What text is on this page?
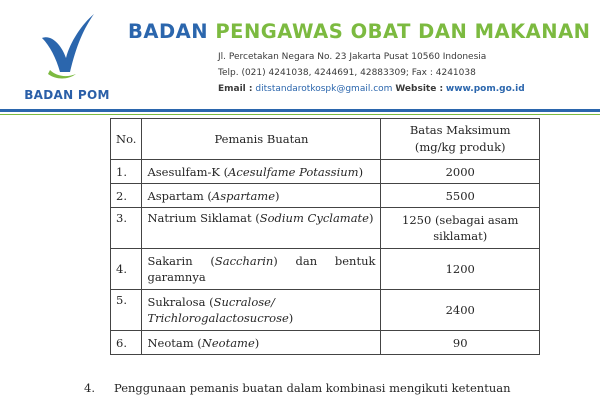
BADAN POM
BADAN PENGAWAS OBAT DAN MAKANAN

Jl. Percetakan Negara No. 23 Jakarta Pusat 10560 Indonesia

Telp. (021) 4241038, 4244691, 42883309; Fax : 4241038

Email : ditstandarotkospk@gmail.com Website : www.pom.go.id

No.	Pemanis Buatan	Batas Maksimum
(mg/kg produk)
1.	Asesulfam-K (Acesulfame Potassium)	2000
2.	Aspartam (Aspartame)	5500
3.	Natrium Siklamat (Sodium Cyclamate)	1250 (sebagai asam siklamat)
4.	Sakarin (Saccharin) dan bentuk
garamnya	1200
5.	Sukralosa (Sucralose/
Trichlorogalactosucrose)	2400
6.	Neotam (Neotame)	90

4. Penggunaan pemanis buatan dalam kombinasi mengikuti ketentuan
